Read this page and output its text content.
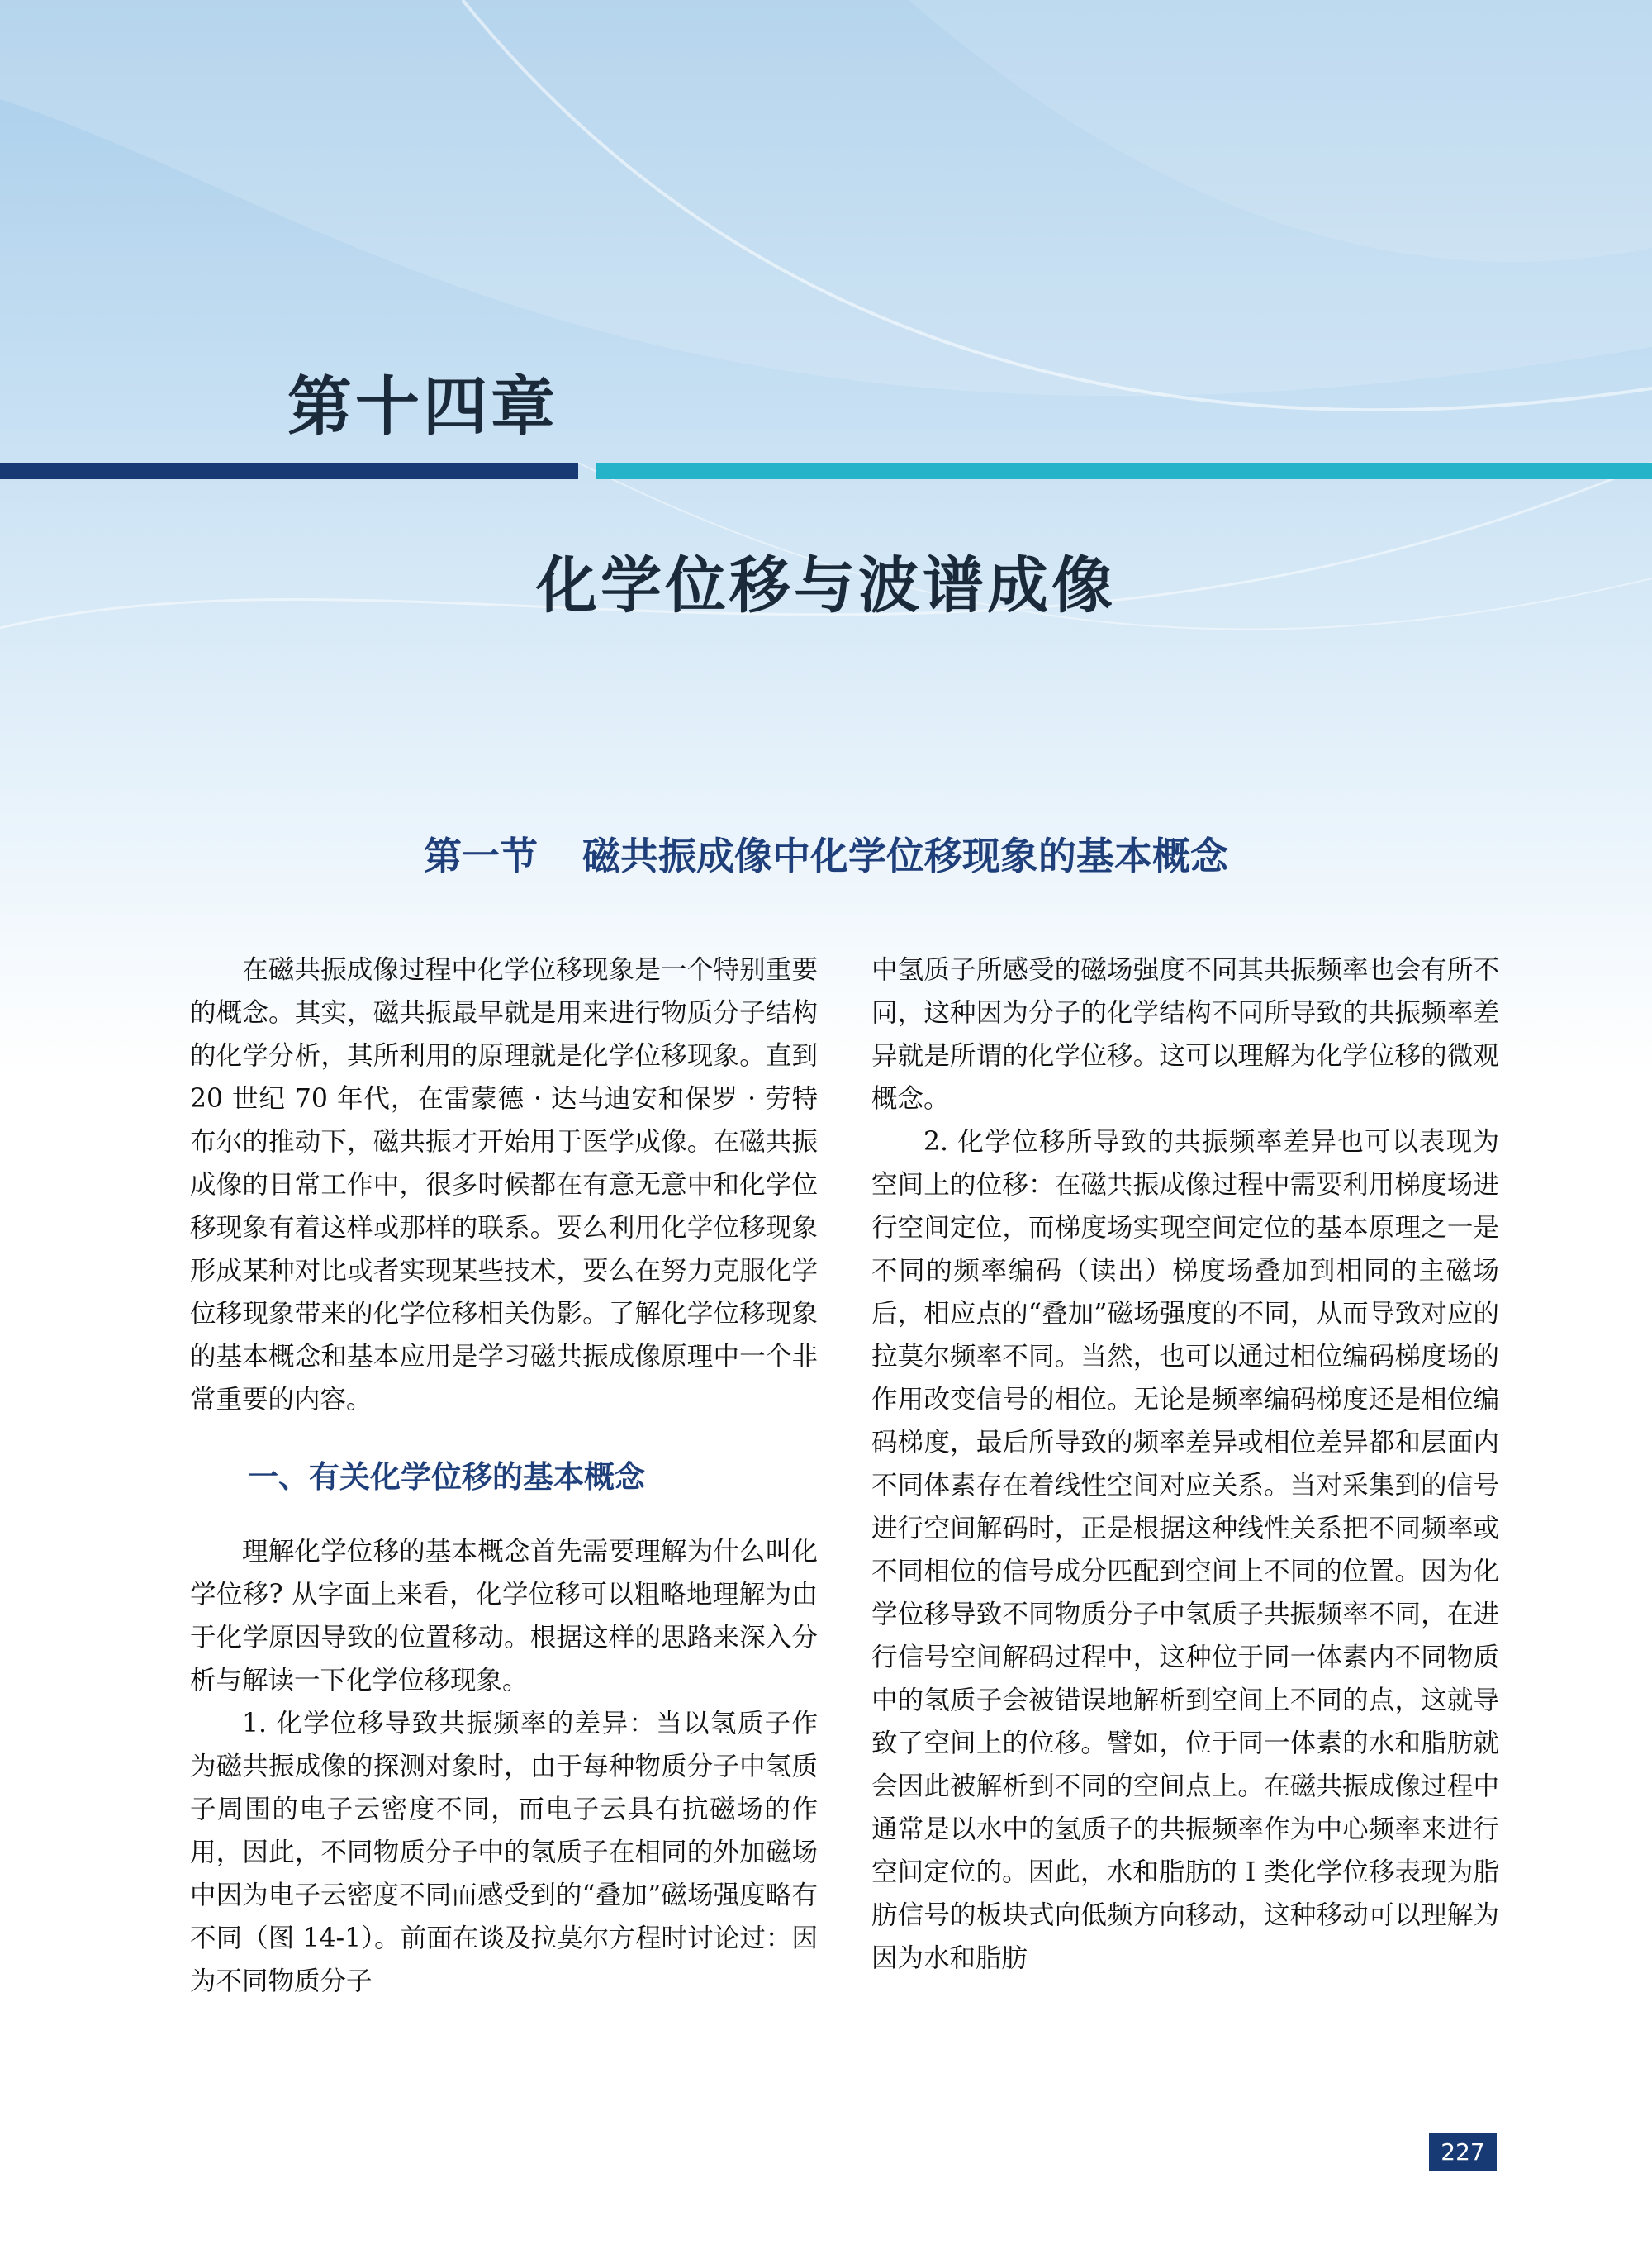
第十四章
化学位移与波谱成像
第一节 磁共振成像中化学位移现象的基本概念

在磁共振成像过程中化学位移现象是一个特别重要的概念。其实，磁共振最早就是用来进行物质分子结构的化学分析，其所利用的原理就是化学位移现象。直到 20 世纪 70 年代，在雷蒙德 · 达马迪安和保罗 · 劳特布尔的推动下，磁共振才开始用于医学成像。在磁共振成像的日常工作中，很多时候都在有意无意中和化学位移现象有着这样或那样的联系。要么利用化学位移现象形成某种对比或者实现某些技术，要么在努力克服化学位移现象带来的化学位移相关伪影。了解化学位移现象的基本概念和基本应用是学习磁共振成像原理中一个非常重要的内容。

一、有关化学位移的基本概念

理解化学位移的基本概念首先需要理解为什么叫化学位移? 从字面上来看，化学位移可以粗略地理解为由于化学原因导致的位置移动。根据这样的思路来深入分析与解读一下化学位移现象。

1. 化学位移导致共振频率的差异：当以氢质子作为磁共振成像的探测对象时，由于每种物质分子中氢质子周围的电子云密度不同，而电子云具有抗磁场的作用，因此，不同物质分子中的氢质子在相同的外加磁场中因为电子云密度不同而感受到的“叠加”磁场强度略有不同（图 14-1）。前面在谈及拉莫尔方程时讨论过：因为不同物质分子

中氢质子所感受的磁场强度不同其共振频率也会有所不同，这种因为分子的化学结构不同所导致的共振频率差异就是所谓的化学位移。这可以理解为化学位移的微观概念。

2. 化学位移所导致的共振频率差异也可以表现为空间上的位移：在磁共振成像过程中需要利用梯度场进行空间定位，而梯度场实现空间定位的基本原理之一是不同的频率编码（读出）梯度场叠加到相同的主磁场后，相应点的“叠加”磁场强度的不同，从而导致对应的拉莫尔频率不同。当然，也可以通过相位编码梯度场的作用改变信号的相位。无论是频率编码梯度还是相位编码梯度，最后所导致的频率差异或相位差异都和层面内不同体素存在着线性空间对应关系。当对采集到的信号进行空间解码时，正是根据这种线性关系把不同频率或不同相位的信号成分匹配到空间上不同的位置。因为化学位移导致不同物质分子中氢质子共振频率不同，在进行信号空间解码过程中，这种位于同一体素内不同物质中的氢质子会被错误地解析到空间上不同的点，这就导致了空间上的位移。譬如，位于同一体素的水和脂肪就会因此被解析到不同的空间点上。在磁共振成像过程中通常是以水中的氢质子的共振频率作为中心频率来进行空间定位的。因此，水和脂肪的 I 类化学位移表现为脂肪信号的板块式向低频方向移动，这种移动可以理解为因为水和脂肪

227
